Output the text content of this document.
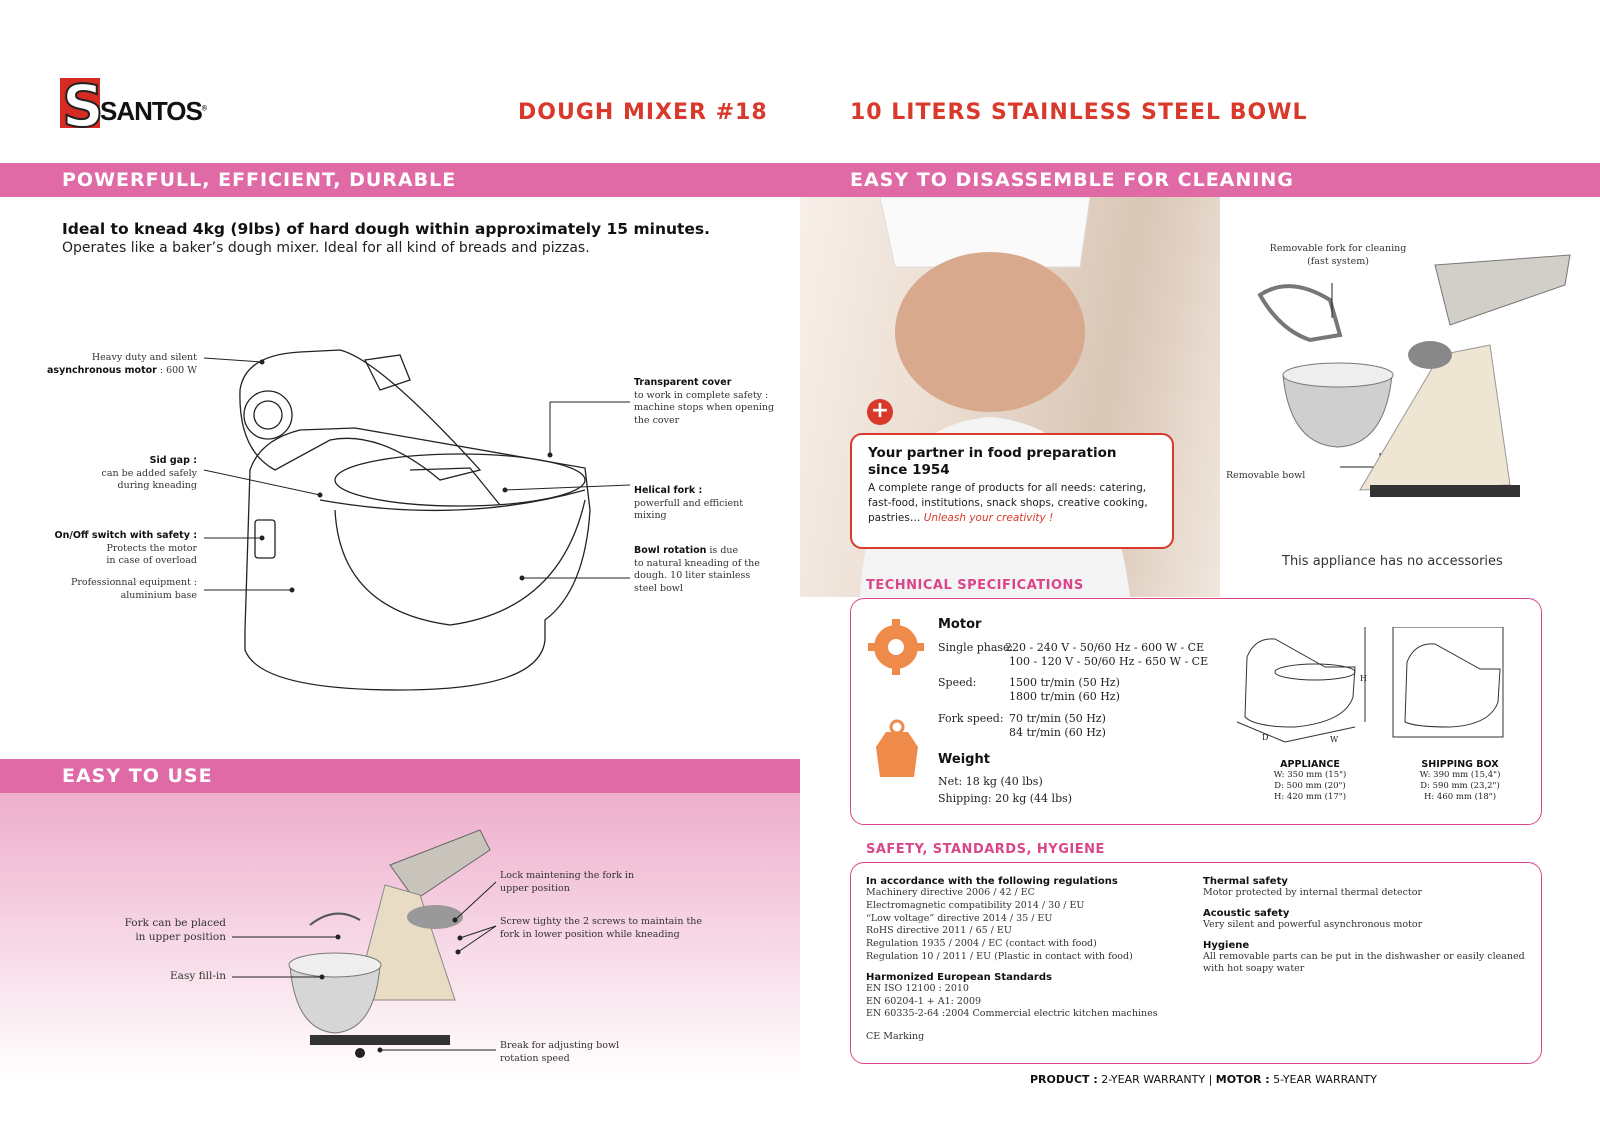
S
SANTOS®	DOUGH MIXER #18	10 LITERS STAINLESS STEEL BOWL
POWERFULL, EFFICIENT, DURABLE	EASY TO DISASSEMBLE FOR CLEANING
Ideal to knead 4kg (9lbs) of hard dough within approximately 15 minutes.
Operates like a baker’s dough mixer. Ideal for all kind of breads and pizzas.
Heavy duty and silent
asynchronous motor : 600 W
Sid gap :
can be added safely
during kneading
On/Off switch with safety :
Protects the motor
in case of overload
Professionnal equipment :
aluminium base
Transparent cover
to work in complete safety :
machine stops when opening
the cover
Helical fork :
powerfull and efficient
mixing
Bowl rotation is due
to natural kneading of the
dough. 10 liter stainless
steel bowl
EASY TO USE
Fork can be placed
in upper position
Easy fill-in
Lock maintening the fork in
upper position
Screw tighty the 2 screws to maintain the
fork in lower position while kneading
Break for adjusting bowl
rotation speed
+
Your partner in food preparation
since 1954
A complete range of products for all needs: catering,
fast-food, institutions, snack shops, creative cooking,
pastries… Unleash your creativity !
Removable fork for cleaning
(fast system)
Removable bowl
This appliance has no accessories
TECHNICAL SPECIFICATIONS
Motor
Single phase:
220 - 240 V - 50/60 Hz - 600 W - CE
100 - 120 V - 50/60 Hz - 650 W - CE
Speed:	1500 tr/min (50 Hz)
1800 tr/min (60 Hz)
Fork speed: 70 tr/min (50 Hz)
84 tr/min (60 Hz)
Weight
Net: 18 kg (40 lbs)
Shipping: 20 kg (44 lbs)
D	W
H
APPLIANCE
W: 350 mm (15")
D: 500 mm (20")
H: 420 mm (17")
SHIPPING BOX
W: 390 mm (15,4")
D: 590 mm (23,2")
H: 460 mm (18")
SAFETY, STANDARDS, HYGIENE
In accordance with the following regulations
Machinery directive 2006 / 42 / EC
Electromagnetic compatibility 2014 / 30 / EU
“Low voltage” directive 2014 / 35 / EU
RoHS directive 2011 / 65 / EU
Regulation 1935 / 2004 / EC (contact with food)
Regulation 10 / 2011 / EU (Plastic in contact with food)
Harmonized European Standards
EN ISO 12100 : 2010
EN 60204-1 + A1: 2009
EN 60335-2-64 :2004 Commercial electric kitchen machines
CE Marking
Thermal safety
Motor protected by internal thermal detector
Acoustic safety
Very silent and powerful asynchronous motor
Hygiene
All removable parts can be put in the dishwasher or easily cleaned
with hot soapy water
PRODUCT : 2-YEAR WARRANTY | MOTOR : 5-YEAR WARRANTY
